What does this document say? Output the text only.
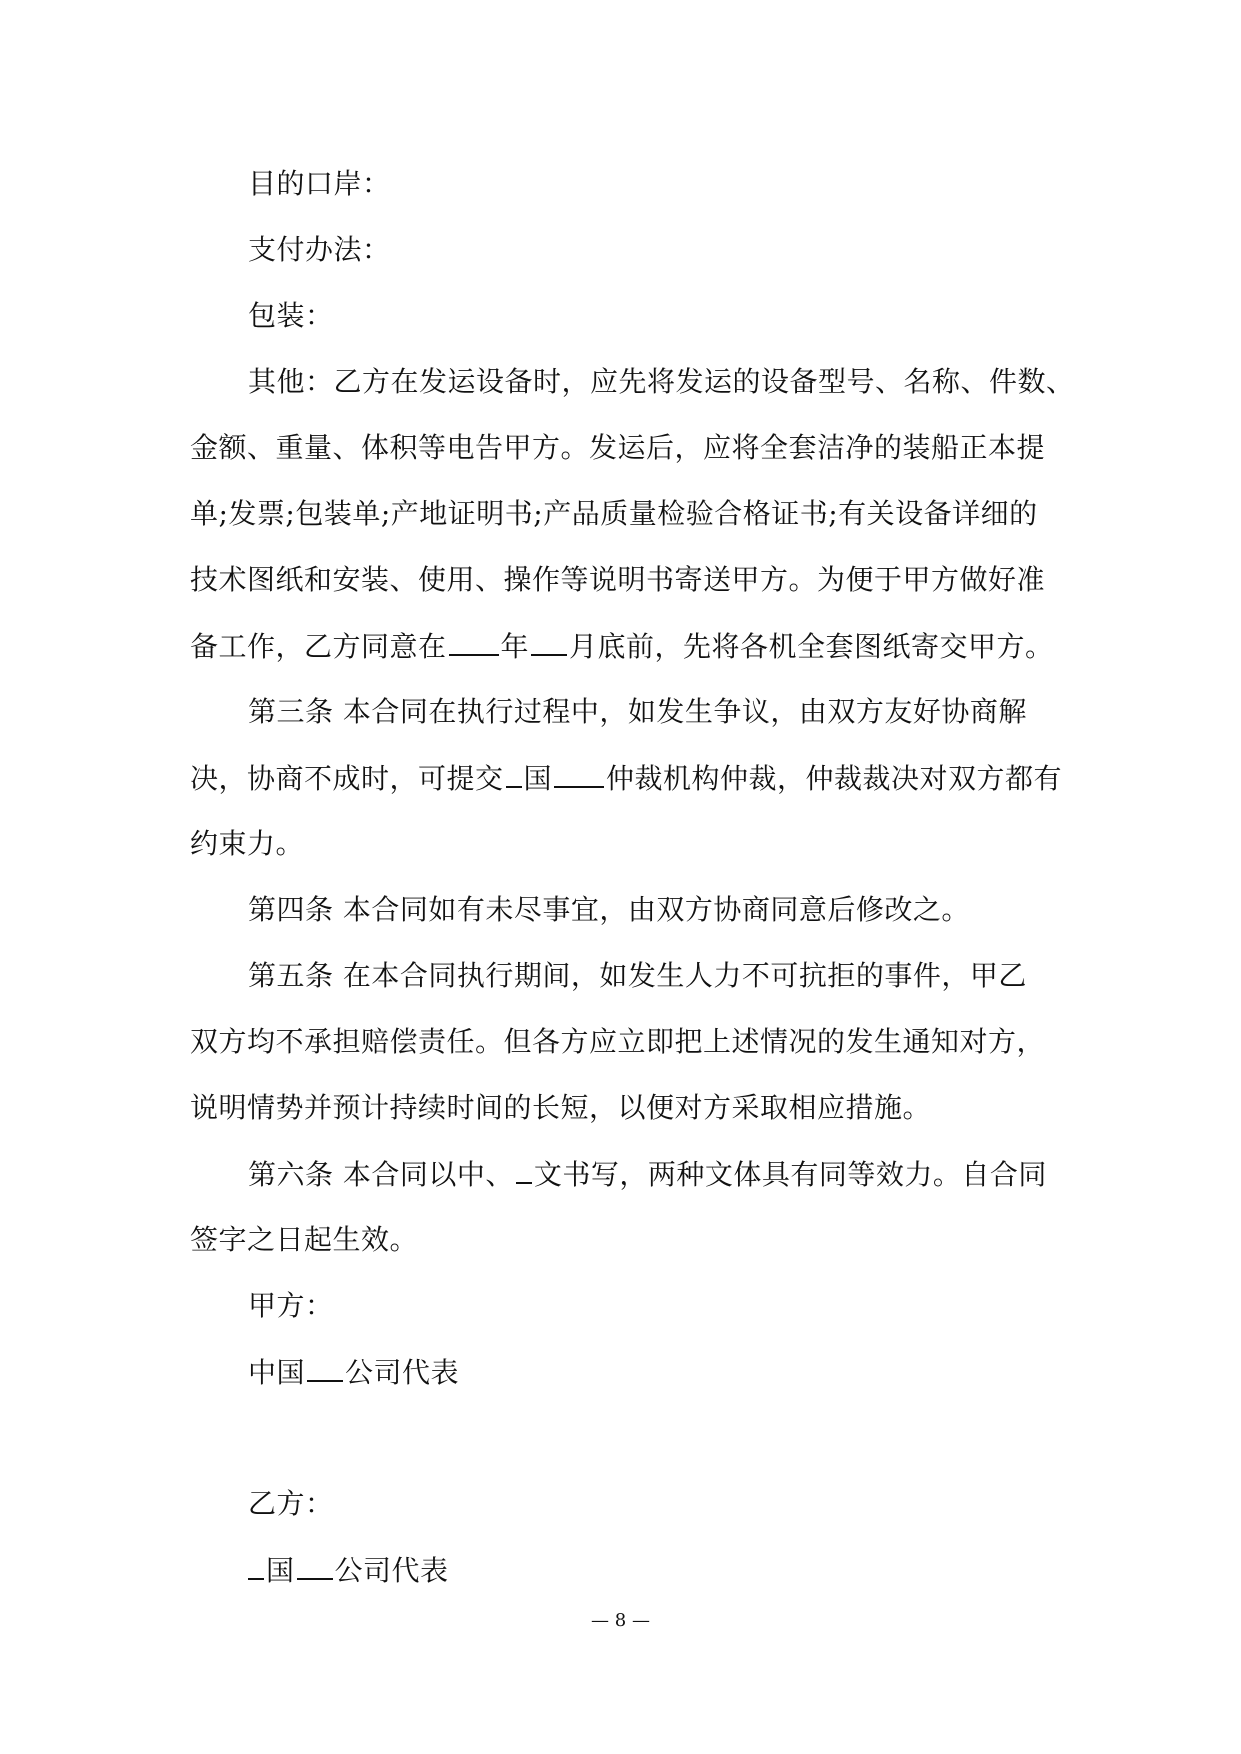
目的口岸：
支付办法：
包装：
其他：乙方在发运设备时，应先将发运的设备型号、名称、件数、
金额、重量、体积等电告甲方。发运后，应将全套洁净的装船正本提
单;发票;包装单;产地证明书;产品质量检验合格证书;有关设备详细的
技术图纸和安装、使用、操作等说明书寄送甲方。为便于甲方做好准
备工作，乙方同意在 年 月底前，先将各机全套图纸寄交甲方。
第三条 本合同在执行过程中，如发生争议，由双方友好协商解
决，协商不成时，可提交 国 仲裁机构仲裁，仲裁裁决对双方都有
约束力。
第四条 本合同如有未尽事宜，由双方协商同意后修改之。
第五条 在本合同执行期间，如发生人力不可抗拒的事件，甲乙
双方均不承担赔偿责任。但各方应立即把上述情况的发生通知对方，
说明情势并预计持续时间的长短，以便对方采取相应措施。
第六条 本合同以中、 文书写，两种文体具有同等效力。自合同
签字之日起生效。
甲方：
中国 公司代表
乙方：
国 公司代表
— 8 —
